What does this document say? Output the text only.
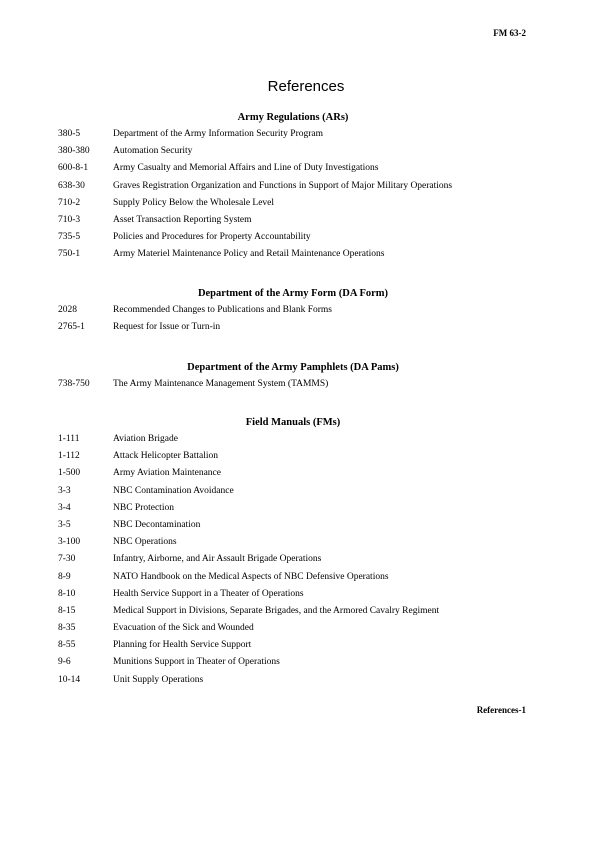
FM 63-2
References
Army Regulations (ARs)
380-5	Department of the Army Information Security Program
380-380 Automation Security
600-8-1	Army Casualty and Memorial Affairs and Line of Duty Investigations
638-30	Graves Registration Organization and Functions in Support of Major Military Operations
710-2	Supply Policy Below the Wholesale Level
710-3	Asset Transaction Reporting System
735-5	Policies and Procedures for Property Accountability
750-1	Army Materiel Maintenance Policy and Retail Maintenance Operations
Department of the Army Form (DA Form)
2028	Recommended Changes to Publications and Blank Forms
2765-1	Request for Issue or Turn-in
Department of the Army Pamphlets (DA Pams)
738-750 The Army Maintenance Management System (TAMMS)
Field Manuals (FMs)
1-111	Aviation Brigade
1-112	Attack Helicopter Battalion
1-500	Army Aviation Maintenance
3-3	NBC Contamination Avoidance
3-4	NBC Protection
3-5	NBC Decontamination
3-100	NBC Operations
7-30	Infantry, Airborne, and Air Assault Brigade Operations
8-9	NATO Handbook on the Medical Aspects of NBC Defensive Operations
8-10	Health Service Support in a Theater of Operations
8-15	Medical Support in Divisions, Separate Brigades, and the Armored Cavalry Regiment
8-35	Evacuation of the Sick and Wounded
8-55	Planning for Health Service Support
9-6	Munitions Support in Theater of Operations
10-14	Unit Supply Operations
References-1
